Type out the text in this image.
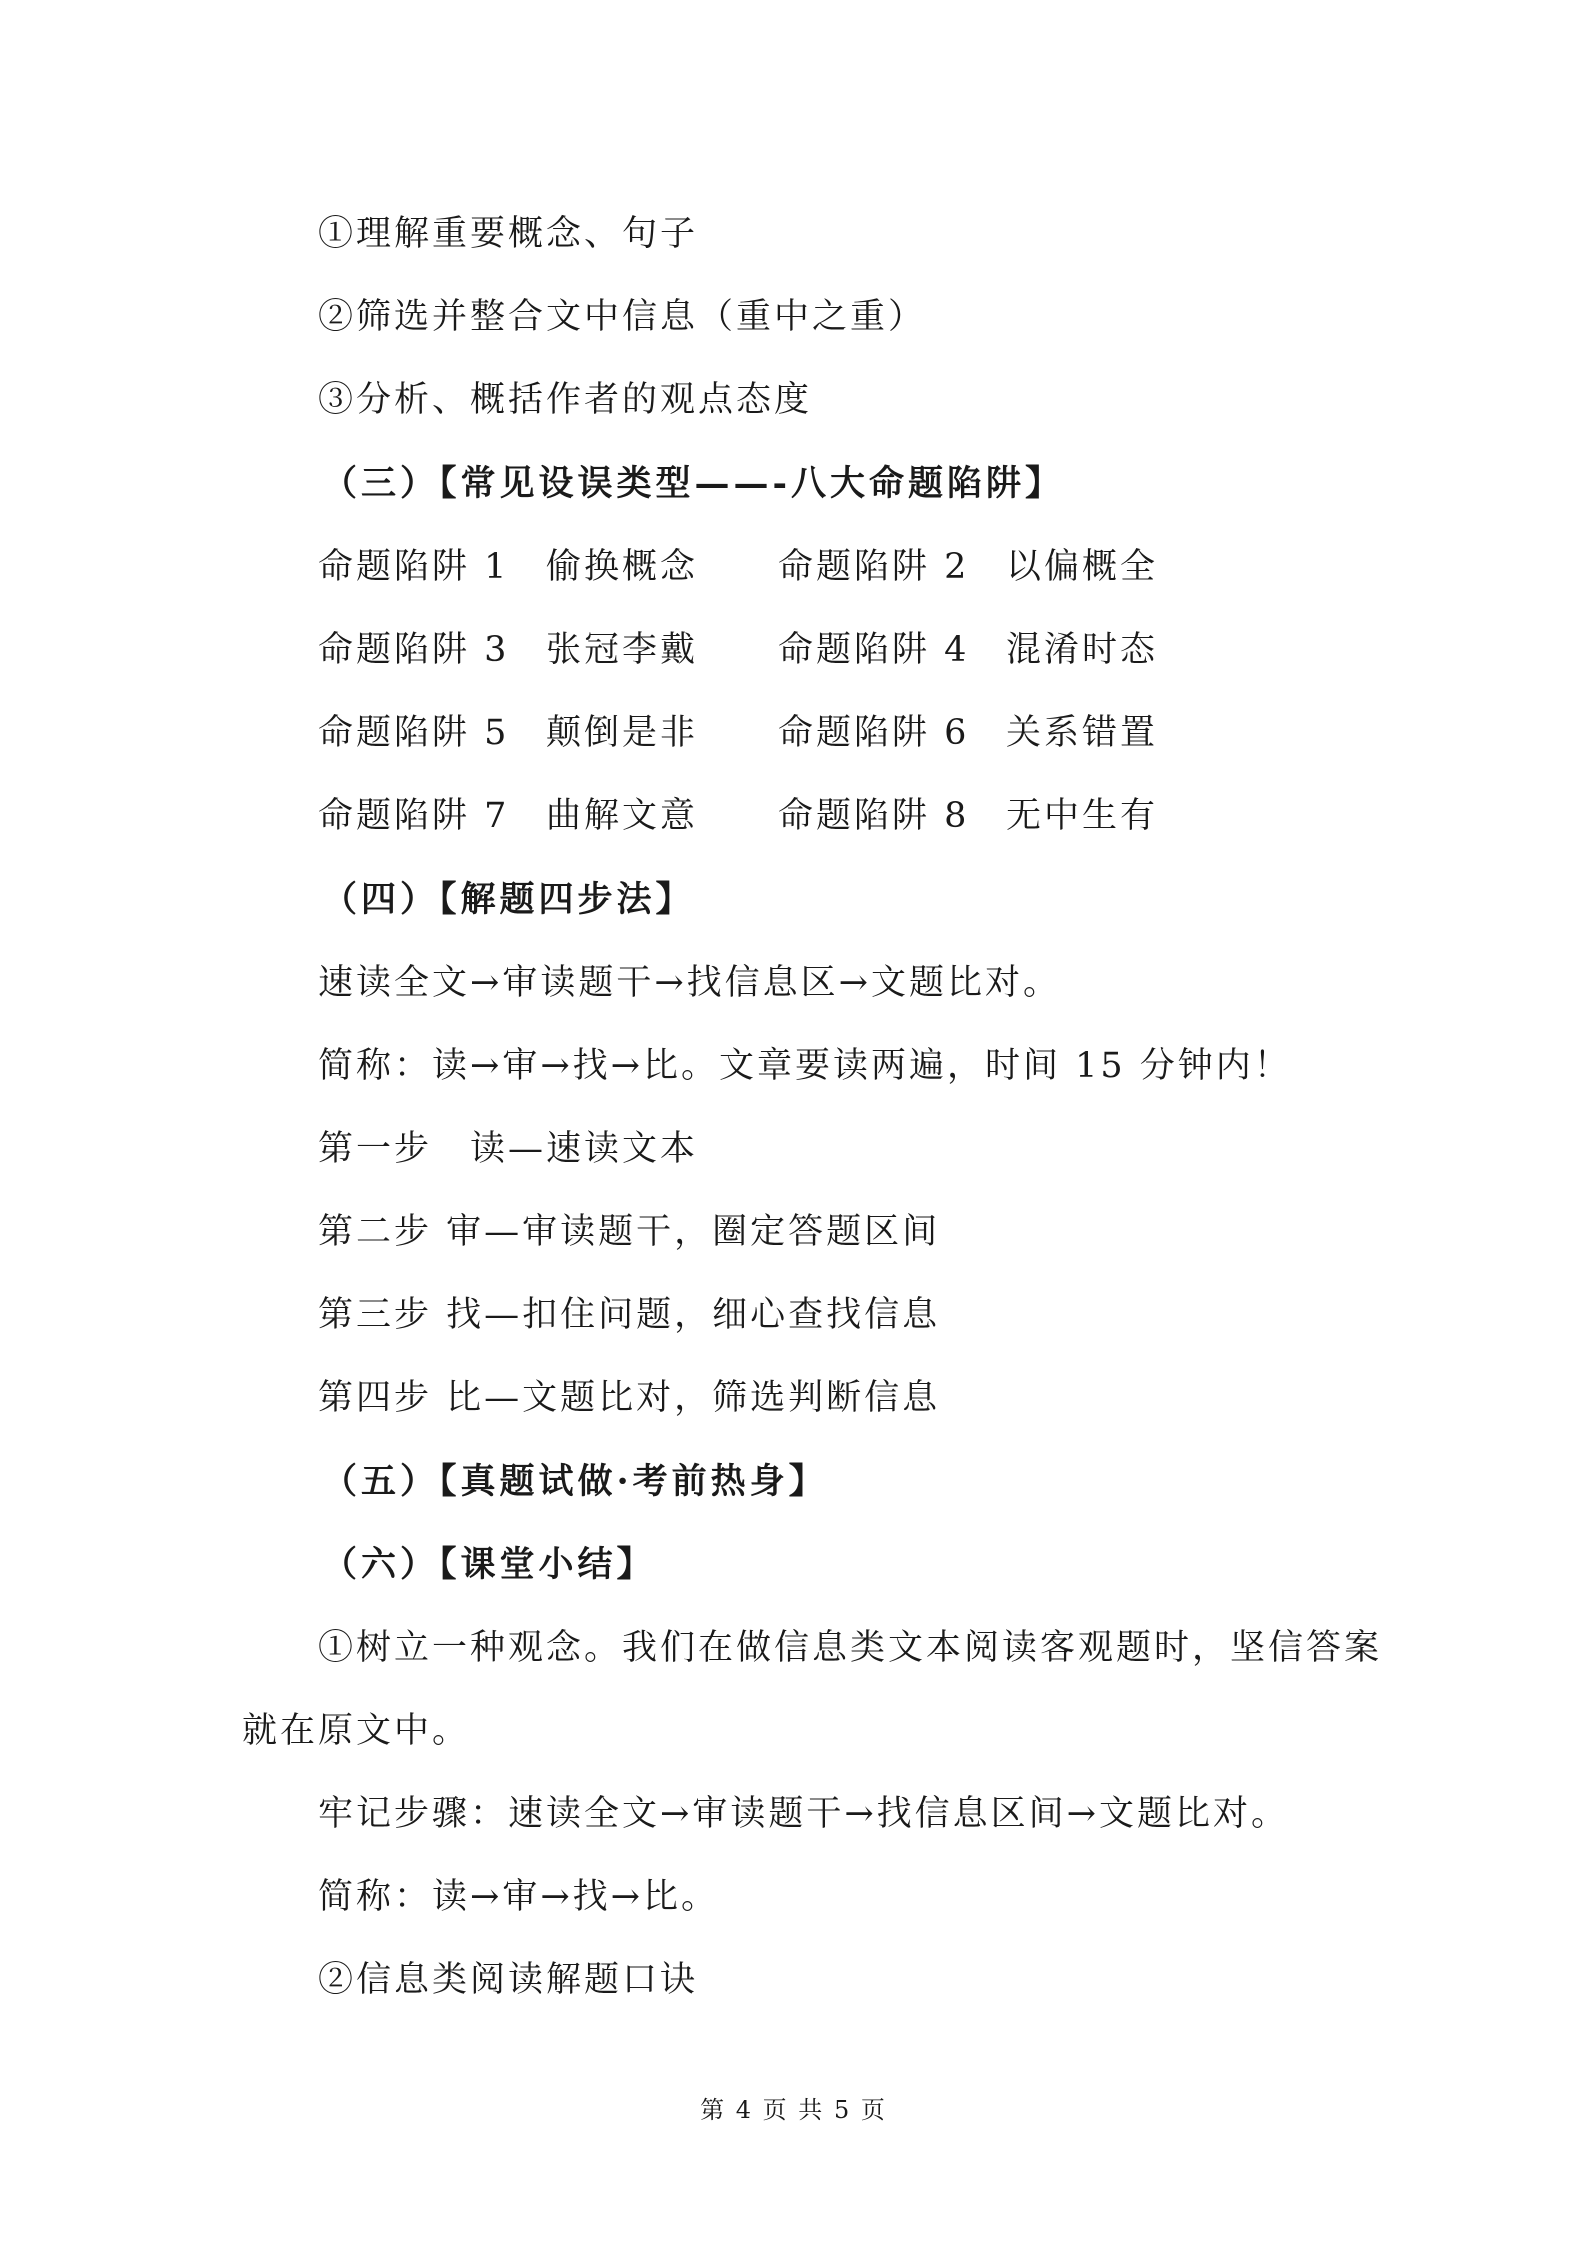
①理解重要概念、句子
②筛选并整合文中信息（重中之重）
③分析、概括作者的观点态度
（三）【常见设误类型——-八大命题陷阱】
命题陷阱 1 偷换概念 命题陷阱 2 以偏概全
命题陷阱 3 张冠李戴 命题陷阱 4 混淆时态
命题陷阱 5 颠倒是非 命题陷阱 6 关系错置
命题陷阱 7 曲解文意 命题陷阱 8 无中生有
（四）【解题四步法】
速读全文→审读题干→找信息区→文题比对。
简称：读→审→找→比。文章要读两遍，时间 15 分钟内！
第一步　读—速读文本
第二步 审—审读题干，圈定答题区间
第三步 找—扣住问题，细心查找信息
第四步 比—文题比对，筛选判断信息
（五）【真题试做·考前热身】
（六）【课堂小结】
①树立一种观念。我们在做信息类文本阅读客观题时，坚信答案
就在原文中。
牢记步骤：速读全文→审读题干→找信息区间→文题比对。
简称：读→审→找→比。
②信息类阅读解题口诀
第 4 页 共 5 页
